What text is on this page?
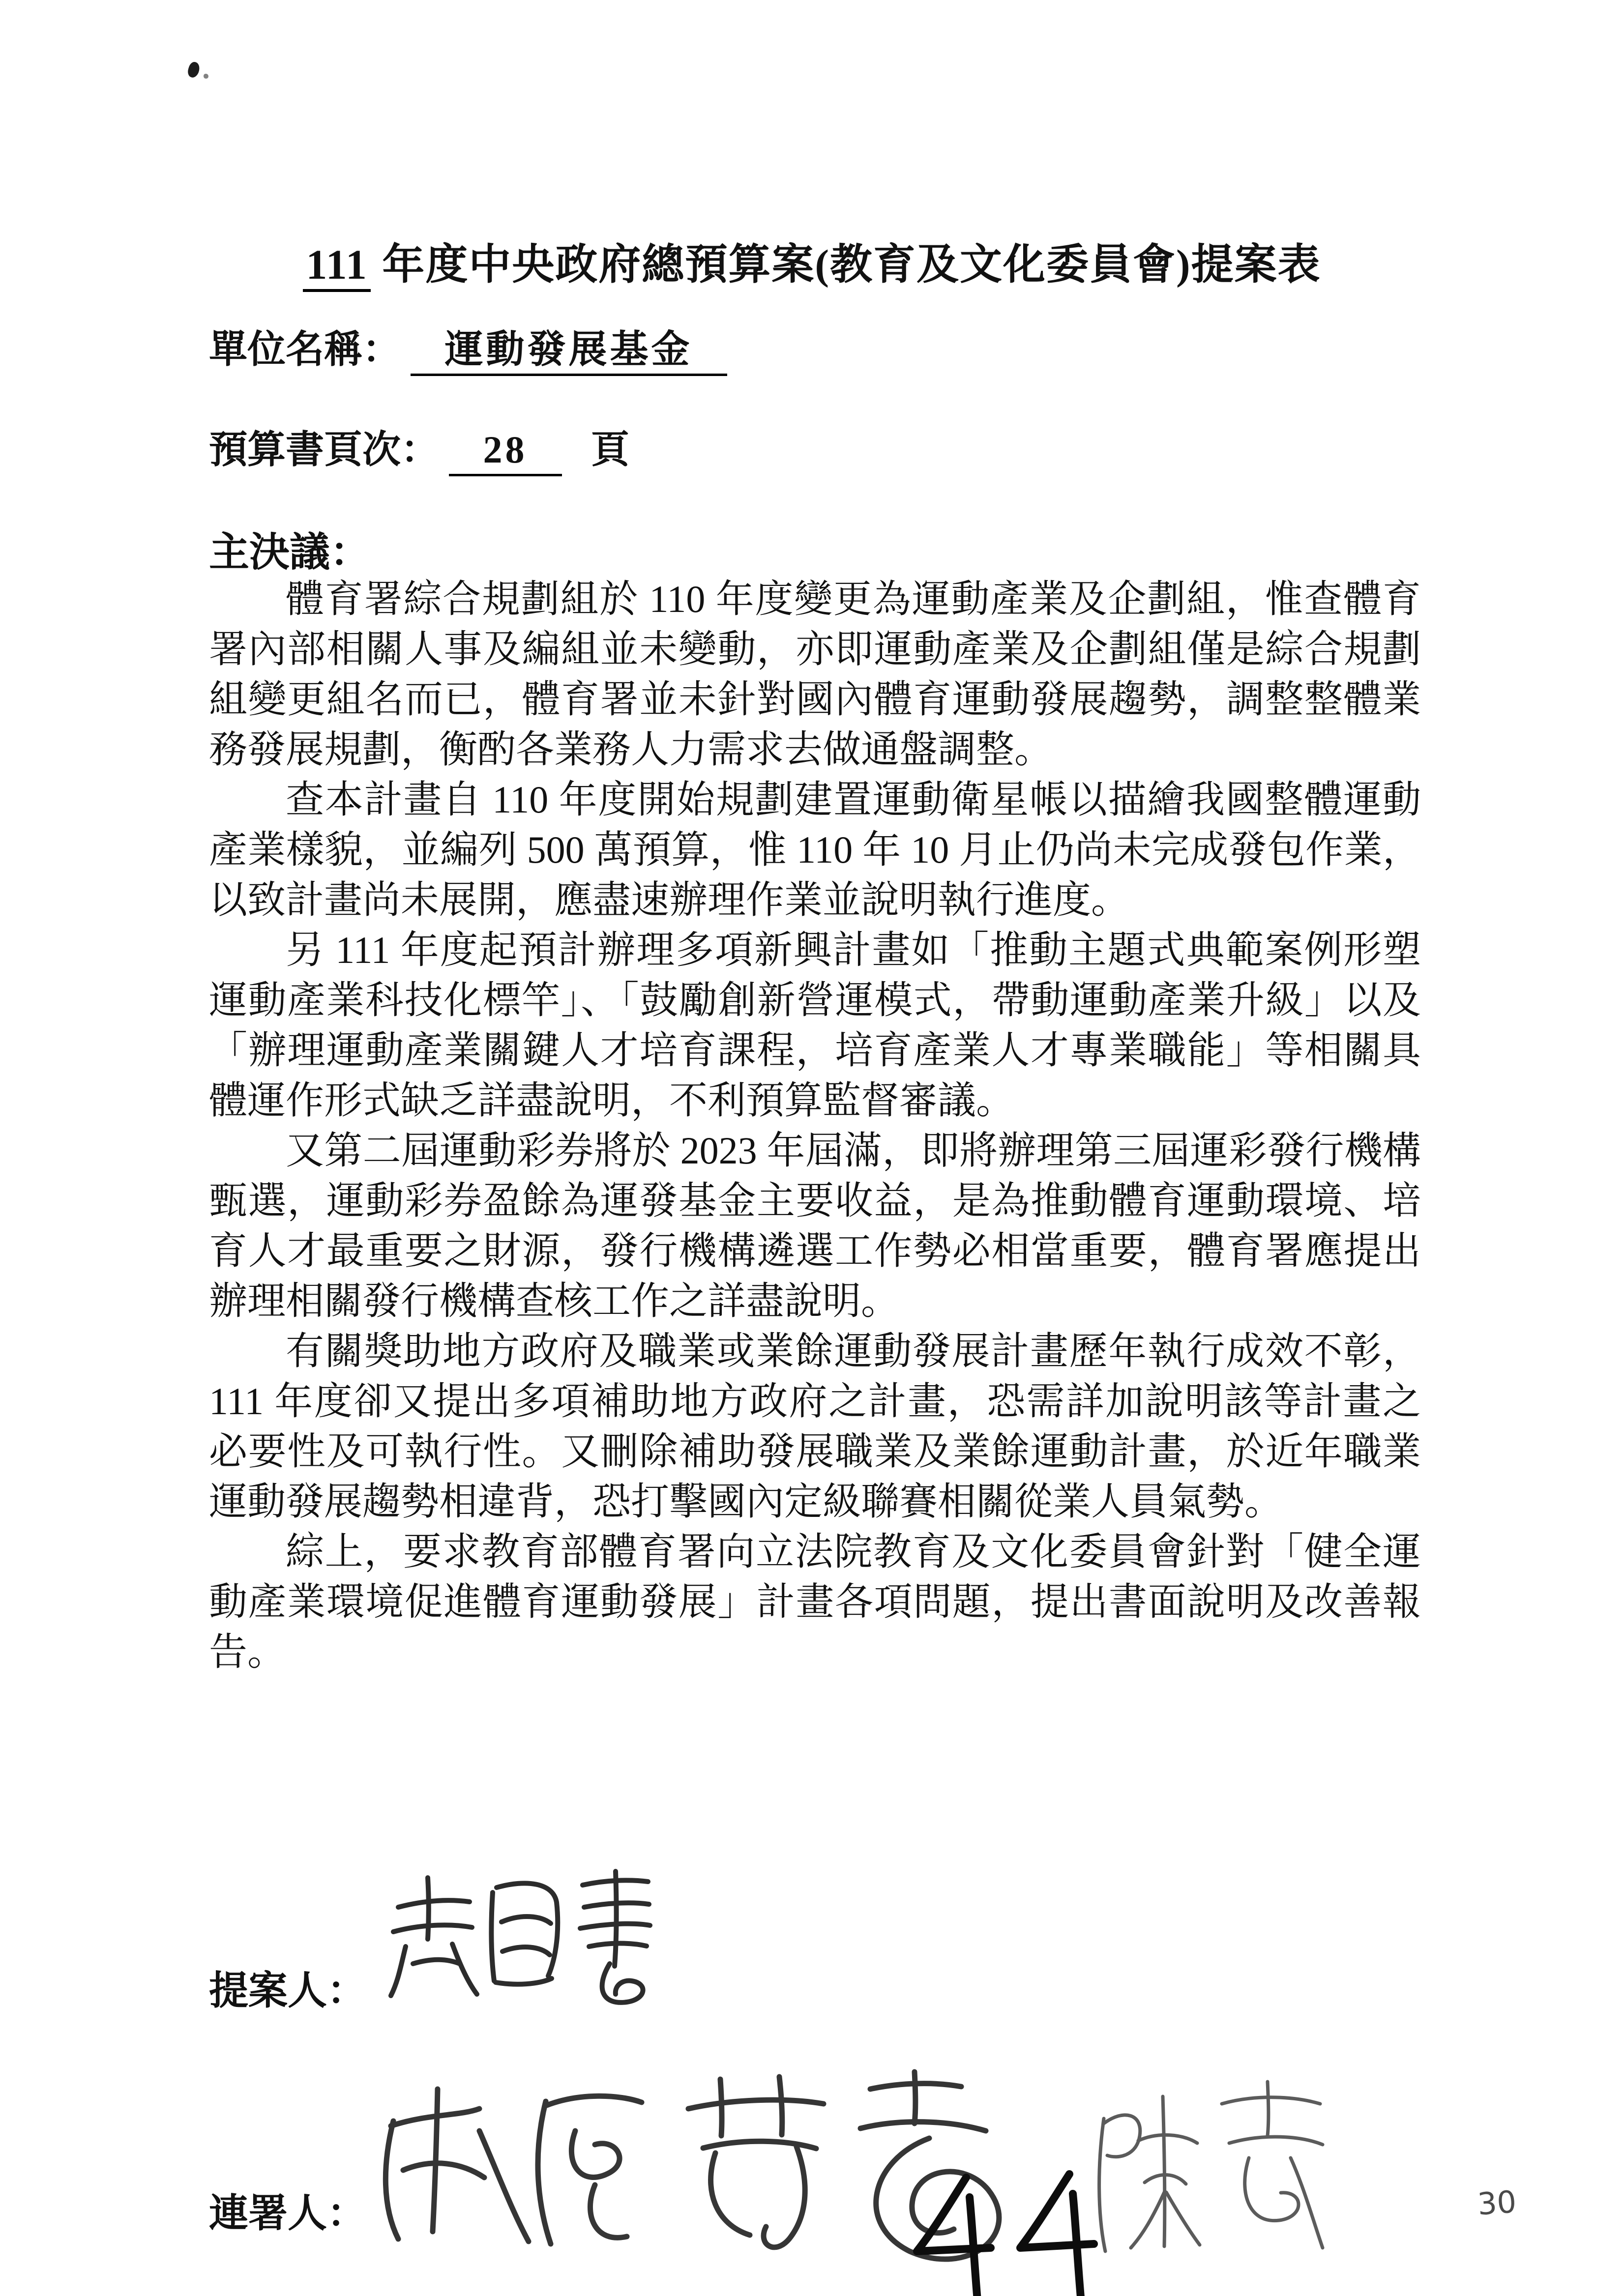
111 年度中央政府總預算案(教育及文化委員會)提案表
單位名稱： 運動發展基金
預算書頁次： 28 頁
主決議：

體育署綜合規劃組於 110 年度變更為運動產業及企劃組，惟查體育署內部相關人事及編組並未變動，亦即運動產業及企劃組僅是綜合規劃組變更組名而已，體育署並未針對國內體育運動發展趨勢，調整整體業務發展規劃，衡酌各業務人力需求去做通盤調整。

查本計畫自 110 年度開始規劃建置運動衛星帳以描繪我國整體運動產業樣貌，並編列 500 萬預算，惟 110 年 10 月止仍尚未完成發包作業，以致計畫尚未展開，應盡速辦理作業並說明執行進度。

另 111 年度起預計辦理多項新興計畫如「推動主題式典範案例形塑運動產業科技化標竿」、「鼓勵創新營運模式，帶動運動產業升級」以及「辦理運動產業關鍵人才培育課程，培育產業人才專業職能」等相關具體運作形式缺乏詳盡說明，不利預算監督審議。

又第二屆運動彩券將於 2023 年屆滿，即將辦理第三屆運彩發行機構甄選，運動彩券盈餘為運發基金主要收益，是為推動體育運動環境、培育人才最重要之財源，發行機構遴選工作勢必相當重要，體育署應提出辦理相關發行機構查核工作之詳盡說明。

有關獎助地方政府及職業或業餘運動發展計畫歷年執行成效不彰，111 年度卻又提出多項補助地方政府之計畫，恐需詳加說明該等計畫之必要性及可執行性。又刪除補助發展職業及業餘運動計畫，於近年職業運動發展趨勢相違背，恐打擊國內定級聯賽相關從業人員氣勢。

綜上，要求教育部體育署向立法院教育及文化委員會針對「健全運動產業環境促進體育運動發展」計畫各項問題，提出書面說明及改善報告。

提案人：
連署人：	30
